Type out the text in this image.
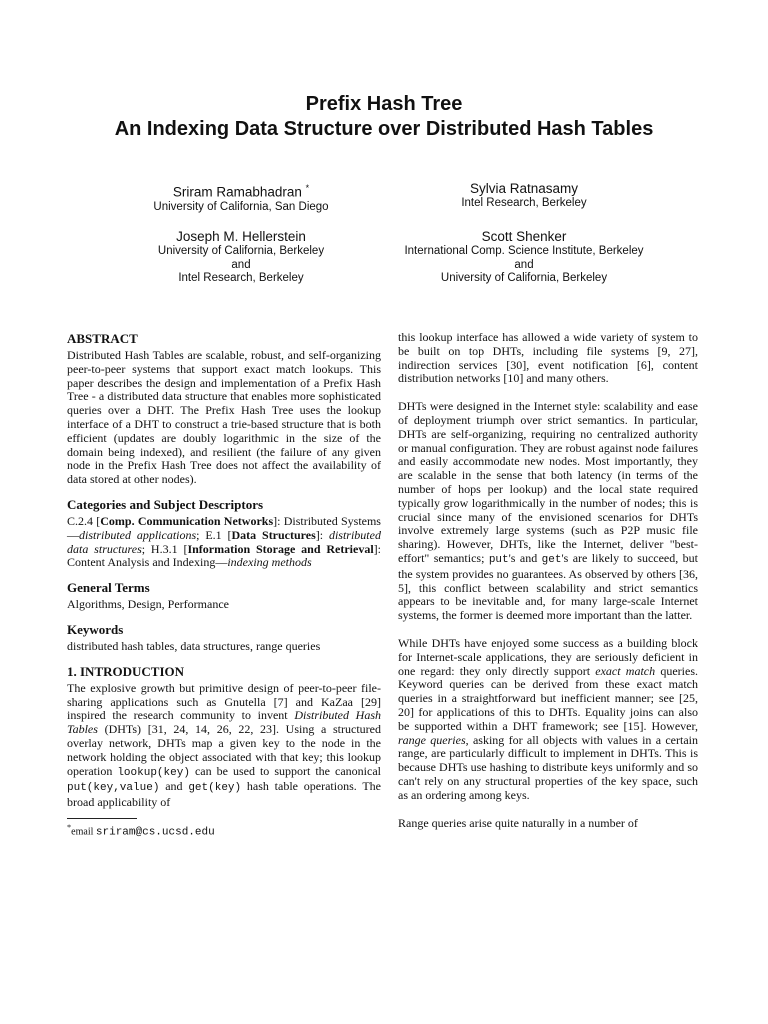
Prefix Hash Tree
An Indexing Data Structure over Distributed Hash Tables
Sriram Ramabhadran *
University of California, San Diego
Sylvia Ratnasamy
Intel Research, Berkeley
Joseph M. Hellerstein
University of California, Berkeley
and
Intel Research, Berkeley
Scott Shenker
International Comp. Science Institute, Berkeley
and
University of California, Berkeley
ABSTRACT

Distributed Hash Tables are scalable, robust, and self-organizing peer-to-peer systems that support exact match lookups. This paper describes the design and implementation of a Prefix Hash Tree - a distributed data structure that enables more sophisticated queries over a DHT. The Prefix Hash Tree uses the lookup interface of a DHT to construct a trie-based structure that is both efficient (updates are doubly logarithmic in the size of the domain being indexed), and resilient (the failure of any given node in the Prefix Hash Tree does not affect the availability of data stored at other nodes).

Categories and Subject Descriptors

C.2.4 [Comp. Communication Networks]: Distributed Systems—distributed applications; E.1 [Data Structures]: distributed data structures; H.3.1 [Information Storage and Retrieval]: Content Analysis and Indexing—indexing methods

General Terms

Algorithms, Design, Performance

Keywords

distributed hash tables, data structures, range queries

1. INTRODUCTION

The explosive growth but primitive design of peer-to-peer file-sharing applications such as Gnutella [7] and KaZaa [29] inspired the research community to invent Distributed Hash Tables (DHTs) [31, 24, 14, 26, 22, 23]. Using a structured overlay network, DHTs map a given key to the node in the network holding the object associated with that key; this lookup operation lookup(key) can be used to support the canonical put(key,value) and get(key) hash table operations. The broad applicability of

*email sriram@cs.ucsd.edu

this lookup interface has allowed a wide variety of system to be built on top DHTs, including file systems [9, 27], indirection services [30], event notification [6], content distribution networks [10] and many others.

DHTs were designed in the Internet style: scalability and ease of deployment triumph over strict semantics. In particular, DHTs are self-organizing, requiring no centralized authority or manual configuration. They are robust against node failures and easily accommodate new nodes. Most importantly, they are scalable in the sense that both latency (in terms of the number of hops per lookup) and the local state required typically grow logarithmically in the number of nodes; this is crucial since many of the envisioned scenarios for DHTs involve extremely large systems (such as P2P music file sharing). However, DHTs, like the Internet, deliver "best-effort" semantics; put's and get's are likely to succeed, but the system provides no guarantees. As observed by others [36, 5], this conflict between scalability and strict semantics appears to be inevitable and, for many large-scale Internet systems, the former is deemed more important than the latter.

While DHTs have enjoyed some success as a building block for Internet-scale applications, they are seriously deficient in one regard: they only directly support exact match queries. Keyword queries can be derived from these exact match queries in a straightforward but inefficient manner; see [25, 20] for applications of this to DHTs. Equality joins can also be supported within a DHT framework; see [15]. However, range queries, asking for all objects with values in a certain range, are particularly difficult to implement in DHTs. This is because DHTs use hashing to distribute keys uniformly and so can't rely on any structural properties of the key space, such as an ordering among keys.

Range queries arise quite naturally in a number of
